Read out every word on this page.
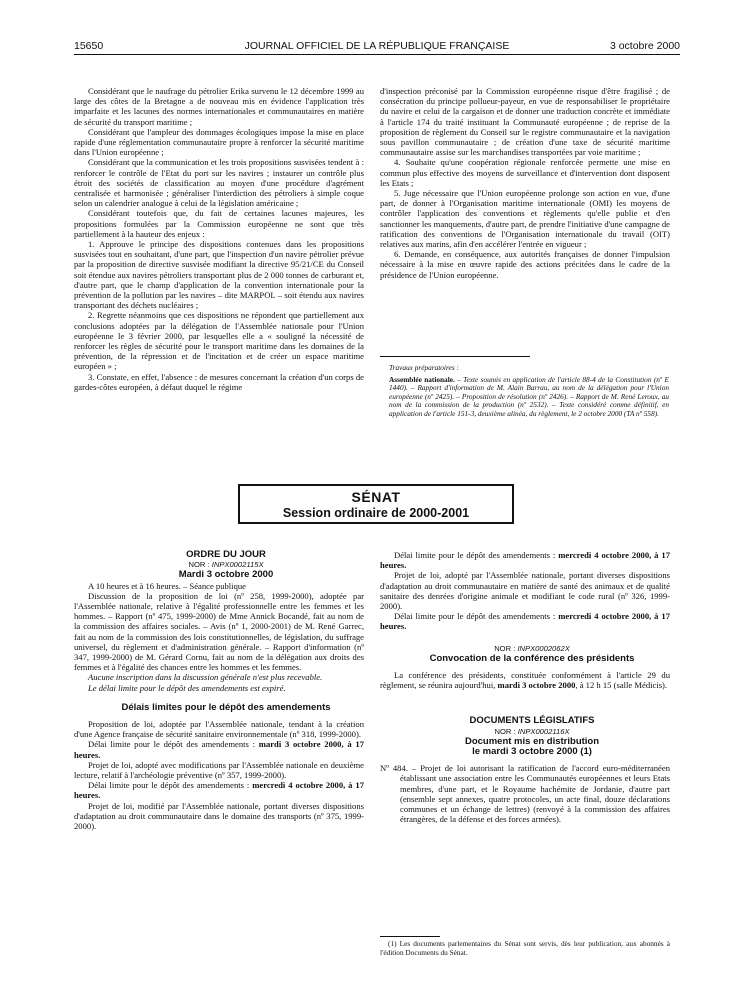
15650	JOURNAL OFFICIEL DE LA RÉPUBLIQUE FRANÇAISE	3 octobre 2000

Considérant que le naufrage du pétrolier Erika survenu le 12 décembre 1999 au large des côtes de la Bretagne a de nouveau mis en évidence l'application très imparfaite et les lacunes des normes internationales et communautaires en matière de sécurité du transport maritime ;

Considérant que l'ampleur des dommages écologiques impose la mise en place rapide d'une réglementation communautaire propre à renforcer la sécurité maritime dans l'Union européenne ;

Considérant que la communication et les trois propositions susvisées tendent à : renforcer le contrôle de l'Etat du port sur les navires ; instaurer un contrôle plus étroit des sociétés de classification au moyen d'une procédure d'agrément centralisée et harmonisée ; généraliser l'interdiction des pétroliers à simple coque selon un calendrier analogue à celui de la législation américaine ;

Considérant toutefois que, du fait de certaines lacunes majeures, les propositions formulées par la Commission européenne ne sont que très partiellement à la hauteur des enjeux :

1. Approuve le principe des dispositions contenues dans les propositions susvisées tout en souhaitant, d'une part, que l'inspection d'un navire pétrolier prévue par la proposition de directive susvisée modifiant la directive 95/21/CE du Conseil soit étendue aux navires pétroliers transportant plus de 2 000 tonnes de carburant et, d'autre part, que le champ d'application de la convention internationale pour la prévention de la pollution par les navires – dite MARPOL – soit étendu aux navires transportant des déchets nucléaires ;

2. Regrette néanmoins que ces dispositions ne répondent que partiellement aux conclusions adoptées par la délégation de l'Assemblée nationale pour l'Union européenne le 3 février 2000, par lesquelles elle a « souligné la nécessité de renforcer les règles de sécurité pour le transport maritime dans les domaines de la prévention, de la répression et de l'incitation et de créer un espace maritime européen » ;

3. Constate, en effet, l'absence : de mesures concernant la création d'un corps de gardes-côtes européen, à défaut duquel le régime

d'inspection préconisé par la Commission européenne risque d'être fragilisé ; de consécration du principe pollueur-payeur, en vue de responsabiliser le propriétaire du navire et celui de la cargaison et de donner une traduction concrète et immédiate à l'article 174 du traité instituant la Communauté européenne ; de reprise de la proposition de règlement du Conseil sur le registre communautaire et la navigation sous pavillon communautaire ; de création d'une taxe de sécurité maritime communautaire assise sur les marchandises transportées par voie maritime ;

4. Souhaite qu'une coopération régionale renforcée permette une mise en commun plus effective des moyens de surveillance et d'intervention dont disposent les Etats ;

5. Juge nécessaire que l'Union européenne prolonge son action en vue, d'une part, de donner à l'Organisation maritime internationale (OMI) les moyens de contrôler l'application des conventions et règlements qu'elle publie et d'en sanctionner les manquements, d'autre part, de prendre l'initiative d'une campagne de ratification des conventions de l'Organisation internationale du travail (OIT) relatives aux marins, afin d'en accélérer l'entrée en vigueur ;

6. Demande, en conséquence, aux autorités françaises de donner l'impulsion nécessaire à la mise en œuvre rapide des actions précitées dans le cadre de la présidence de l'Union européenne.

Travaux préparatoires :

Assemblée nationale. – Texte soumis en application de l'article 88-4 de la Constitution (nº E 1440). – Rapport d'information de M. Alain Barrau, au nom de la délégation pour l'Union européenne (nº 2425). – Proposition de résolution (nº 2426). – Rapport de M. René Leroux, au nom de la commission de la production (nº 2532). – Texte considéré comme définitif, en application de l'article 151-3, deuxième alinéa, du règlement, le 2 octobre 2000 (TA nº 558).

SÉNAT
Session ordinaire de 2000-2001

ORDRE DU JOUR

NOR : INPX0002115X

Mardi 3 octobre 2000

A 10 heures et à 16 heures. – Séance publique

Discussion de la proposition de loi (nº 258, 1999-2000), adoptée par l'Assemblée nationale, relative à l'égalité professionnelle entre les femmes et les hommes. – Rapport (nº 475, 1999-2000) de Mme Annick Bocandé, fait au nom de la commission des affaires sociales. – Avis (nº 1, 2000-2001) de M. René Garrec, fait au nom de la commission des lois constitutionnelles, de législation, du suffrage universel, du règlement et d'administration générale. – Rapport d'information (nº 347, 1999-2000) de M. Gérard Cornu, fait au nom de la délégation aux droits des femmes et à l'égalité des chances entre les hommes et les femmes.

Aucune inscription dans la discussion générale n'est plus recevable.

Le délai limite pour le dépôt des amendements est expiré.

Délais limites pour le dépôt des amendements

Proposition de loi, adoptée par l'Assemblée nationale, tendant à la création d'une Agence française de sécurité sanitaire environnementale (nº 318, 1999-2000).

Délai limite pour le dépôt des amendements : mardi 3 octobre 2000, à 17 heures.

Projet de loi, adopté avec modifications par l'Assemblée nationale en deuxième lecture, relatif à l'archéologie préventive (nº 357, 1999-2000).

Délai limite pour le dépôt des amendements : mercredi 4 octobre 2000, à 17 heures.

Projet de loi, modifié par l'Assemblée nationale, portant diverses dispositions d'adaptation au droit communautaire dans le domaine des transports (nº 375, 1999-2000).

Délai limite pour le dépôt des amendements : mercredi 4 octobre 2000, à 17 heures.

Projet de loi, adopté par l'Assemblée nationale, portant diverses dispositions d'adaptation au droit communautaire en matière de santé des animaux et de qualité sanitaire des denrées d'origine animale et modifiant le code rural (nº 326, 1999-2000).

Délai limite pour le dépôt des amendements : mercredi 4 octobre 2000, à 17 heures.

NOR : INPX0002062X

Convocation de la conférence des présidents

La conférence des présidents, constituée conformément à l'article 29 du règlement, se réunira aujourd'hui, mardi 3 octobre 2000, à 12 h 15 (salle Médicis).

DOCUMENTS LÉGISLATIFS

NOR : INPX0002116X

Document mis en distribution

le mardi 3 octobre 2000 (1)

Nº 484. – Projet de loi autorisant la ratification de l'accord euro-méditerranéen établissant une association entre les Communautés européennes et leurs Etats membres, d'une part, et le Royaume hachémite de Jordanie, d'autre part (ensemble sept annexes, quatre protocoles, un acte final, douze déclarations communes et un échange de lettres) (renvoyé à la commission des affaires étrangères, de la défense et des forces armées).

(1) Les documents parlementaires du Sénat sont servis, dès leur publication, aux abonnés à l'édition Documents du Sénat.
